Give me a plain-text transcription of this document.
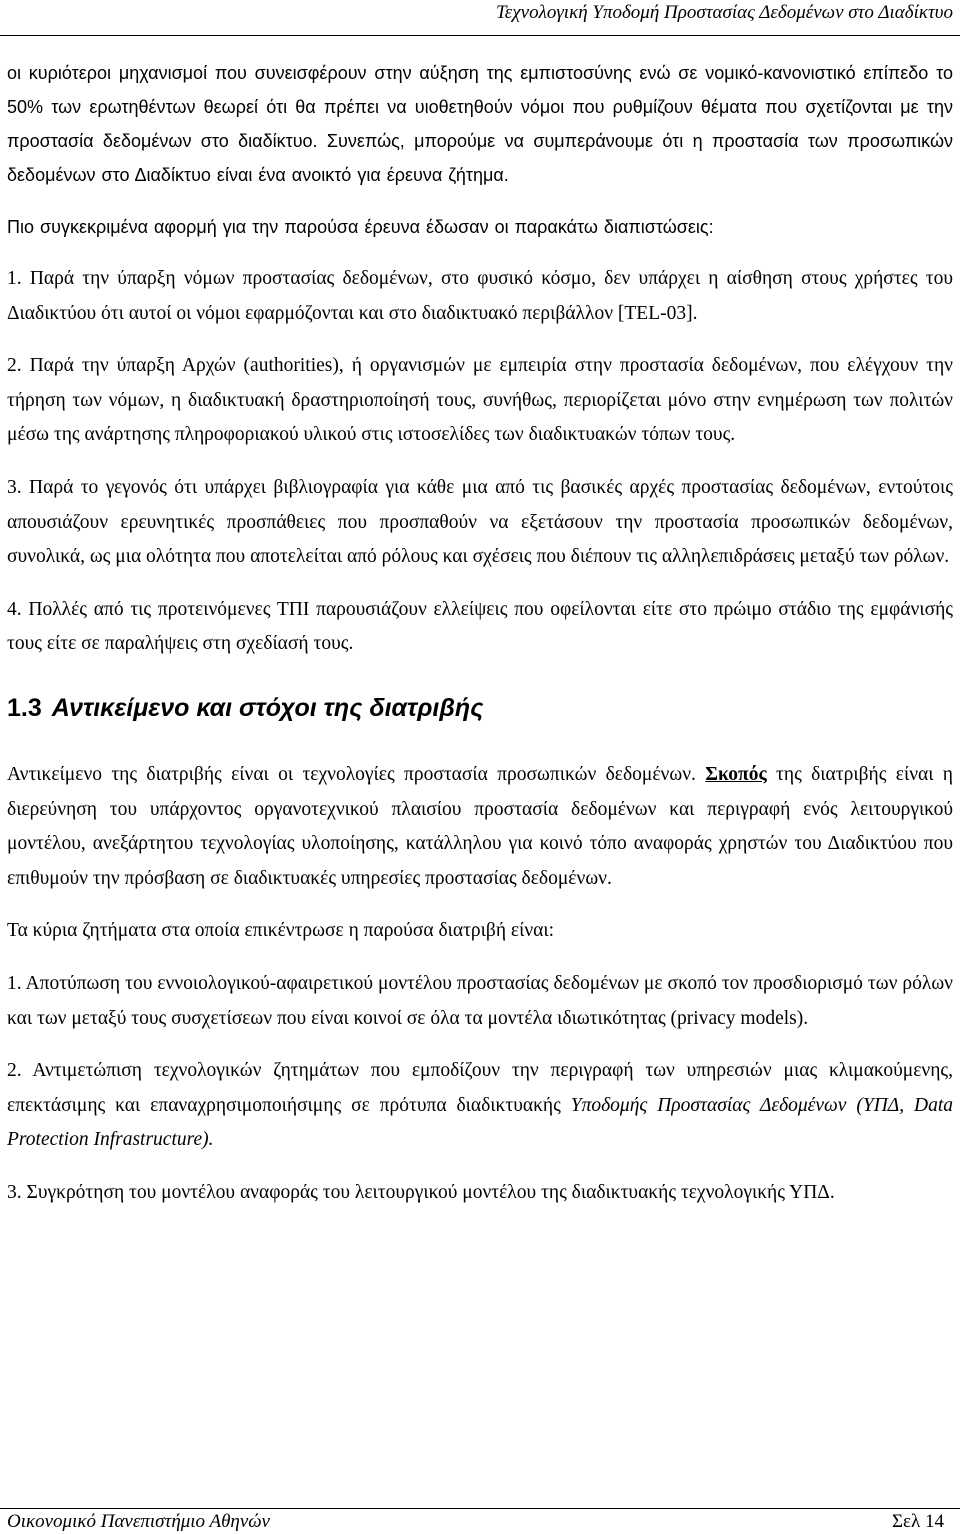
Τεχνολογική Υποδομή Προστασίας Δεδομένων στο Διαδίκτυο

οι κυριότεροι μηχανισμοί που συνεισφέρουν στην αύξηση της εμπιστοσύνης ενώ σε νομικό-κανονιστικό επίπεδο το 50% των ερωτηθέντων θεωρεί ότι θα πρέπει να υιοθετηθούν νόμοι που ρυθμίζουν θέματα που σχετίζονται με την προστασία δεδομένων στο διαδίκτυο. Συνεπώς, μπορούμε να συμπεράνουμε ότι η προστασία των προσωπικών δεδομένων στο Διαδίκτυο είναι ένα ανοικτό για έρευνα ζήτημα.

Πιο συγκεκριμένα αφορμή για την παρούσα έρευνα έδωσαν οι παρακάτω διαπιστώσεις:

1. Παρά την ύπαρξη νόμων προστασίας δεδομένων, στο φυσικό κόσμο, δεν υπάρχει η αίσθηση στους χρήστες του Διαδικτύου ότι αυτοί οι νόμοι εφαρμόζονται και στο διαδικτυακό περιβάλλον [TEL-03].

2. Παρά την ύπαρξη Αρχών (authorities), ή οργανισμών με εμπειρία στην προστασία δεδομένων, που ελέγχουν την τήρηση των νόμων, η διαδικτυακή δραστηριοποίησή τους, συνήθως, περιορίζεται μόνο στην ενημέρωση των πολιτών μέσω της ανάρτησης πληροφοριακού υλικού στις ιστοσελίδες των διαδικτυακών τόπων τους.

3. Παρά το γεγονός ότι υπάρχει βιβλιογραφία για κάθε μια από τις βασικές αρχές προστασίας δεδομένων, εντούτοις απουσιάζουν ερευνητικές προσπάθειες που προσπαθούν να εξετάσουν την προστασία προσωπικών δεδομένων, συνολικά, ως μια ολότητα που αποτελείται από ρόλους και σχέσεις που διέπουν τις αλληλεπιδράσεις μεταξύ των ρόλων.

4. Πολλές από τις προτεινόμενες ΤΠΙ παρουσιάζουν ελλείψεις που οφείλονται είτε στο πρώιμο στάδιο της εμφάνισής τους είτε σε παραλήψεις στη σχεδίασή τους.

1.3 Αντικείμενο και στόχοι της διατριβής

Αντικείμενο της διατριβής είναι οι τεχνολογίες προστασία προσωπικών δεδομένων. Σκοπός της διατριβής είναι η διερεύνηση του υπάρχοντος οργανοτεχνικού πλαισίου προστασία δεδομένων και περιγραφή ενός λειτουργικού μοντέλου, ανεξάρτητου τεχνολογίας υλοποίησης, κατάλληλου για κοινό τόπο αναφοράς χρηστών του Διαδικτύου που επιθυμούν την πρόσβαση σε διαδικτυακές υπηρεσίες προστασίας δεδομένων.

Τα κύρια ζητήματα στα οποία επικέντρωσε η παρούσα διατριβή είναι:

1. Αποτύπωση του εννοιολογικού-αφαιρετικού μοντέλου προστασίας δεδομένων με σκοπό τον προσδιορισμό των ρόλων και των μεταξύ τους συσχετίσεων που είναι κοινοί σε όλα τα μοντέλα ιδιωτικότητας (privacy models).

2. Αντιμετώπιση τεχνολογικών ζητημάτων που εμποδίζουν την περιγραφή των υπηρεσιών μιας κλιμακούμενης, επεκτάσιμης και επαναχρησιμοποιήσιμης σε πρότυπα διαδικτυακής Υποδομής Προστασίας Δεδομένων (ΥΠΔ, Data Protection Infrastructure).

3. Συγκρότηση του μοντέλου αναφοράς του λειτουργικού μοντέλου της διαδικτυακής τεχνολογικής ΥΠΔ.

Οικονομικό Πανεπιστήμιο Αθηνών	Σελ 14
